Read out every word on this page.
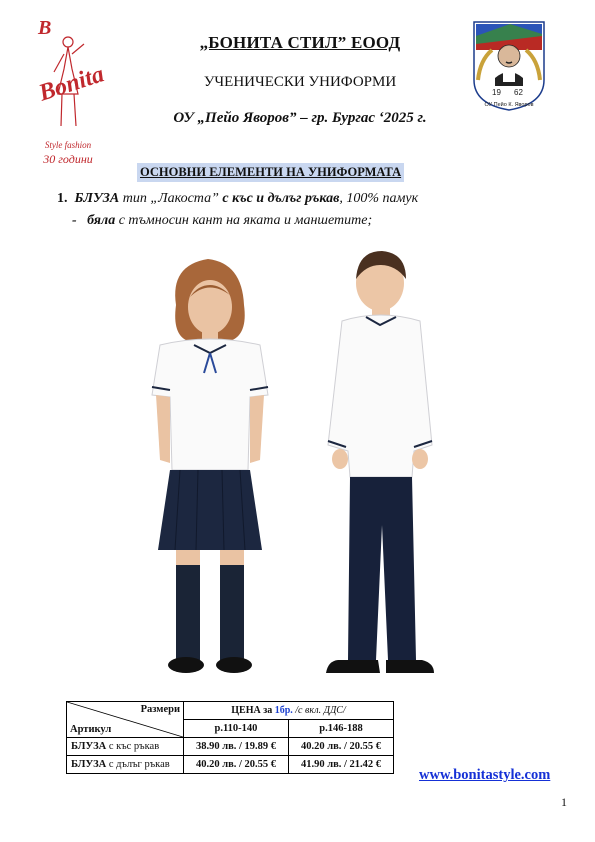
B
Bonita
Style fashion
30 години
19 62
ОУ Пейо К. Яворов
„БОНИТА СТИЛ” ЕООД
УЧЕНИЧЕСКИ УНИФОРМИ
ОУ „Пейо Яворов” – гр. Бургас ‘2025 г.
ОСНОВНИ ЕЛЕМЕНТИ НА УНИФОРМАТА
1. БЛУЗА тип „Лакоста” с къс и дълъг ръкав, 100% памук
- бяла с тъмносин кант на яката и маншетите;
Размери
Артикул	ЦЕНА за 1бр. /с вкл. ДДС/	
	р.110-140	р.146-188
БЛУЗА с къс ръкав	38.90 лв. / 19.89 €	40.20 лв. / 20.55 €
БЛУЗА с дълъг ръкав	40.20 лв. / 20.55 €	41.90 лв. / 21.42 €
www.bonitastyle.com
1
